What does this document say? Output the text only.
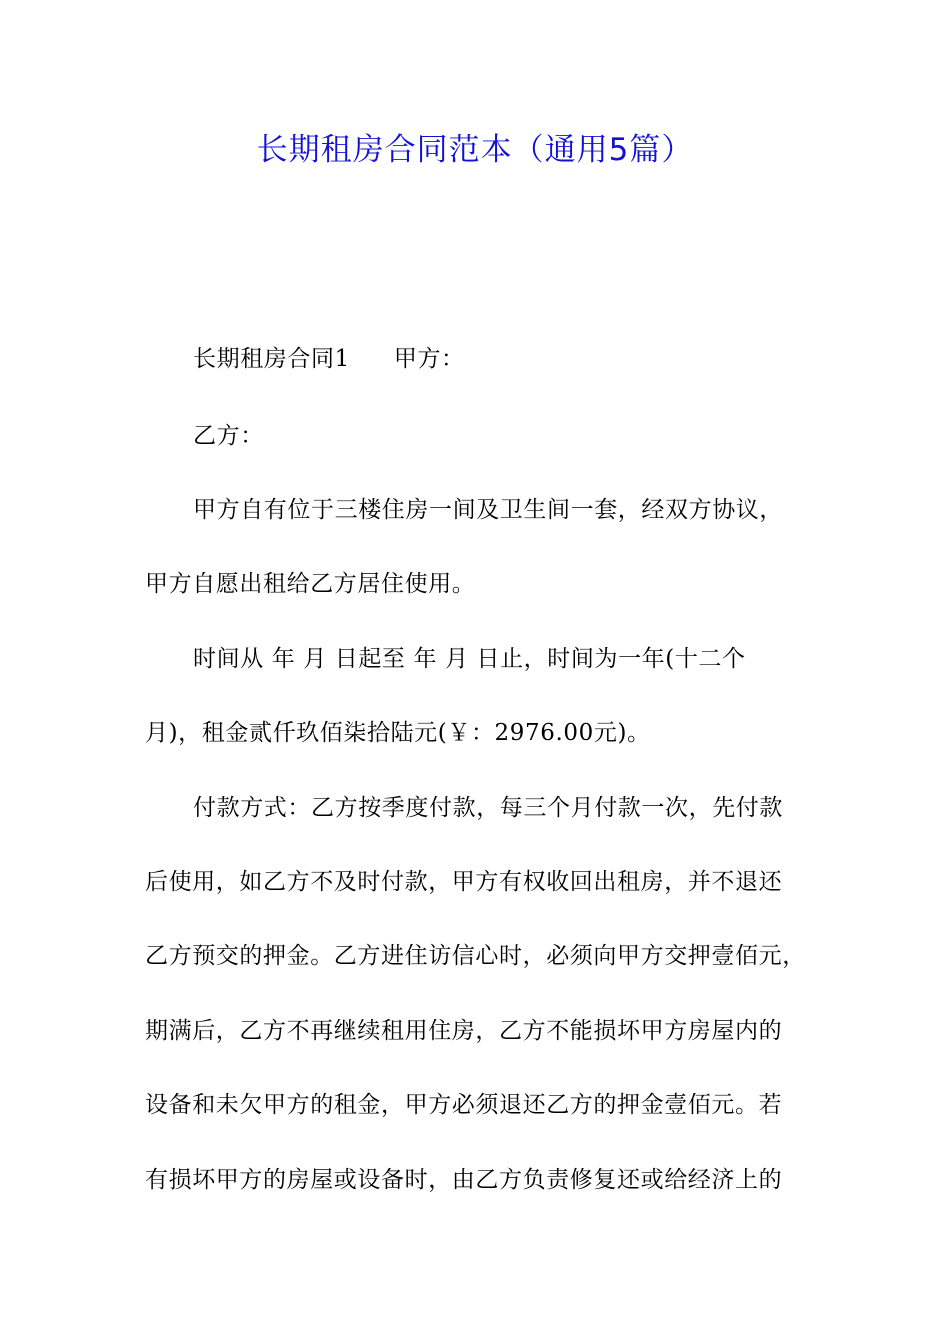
长期租房合同范本（通用5篇）
长期租房合同1 甲方：
乙方：
甲方自有位于三楼住房一间及卫生间一套，经双方协议，
甲方自愿出租给乙方居住使用。
时间从 年 月 日起至 年 月 日止，时间为一年(十二个
月)，租金贰仟玖佰柒拾陆元(￥：2976.00元)。
付款方式：乙方按季度付款，每三个月付款一次，先付款
后使用，如乙方不及时付款，甲方有权收回出租房，并不退还
乙方预交的押金。乙方进住访信心时，必须向甲方交押壹佰元，
期满后，乙方不再继续租用住房，乙方不能损坏甲方房屋内的
设备和未欠甲方的租金，甲方必须退还乙方的押金壹佰元。若
有损坏甲方的房屋或设备时，由乙方负责修复还或给经济上的
